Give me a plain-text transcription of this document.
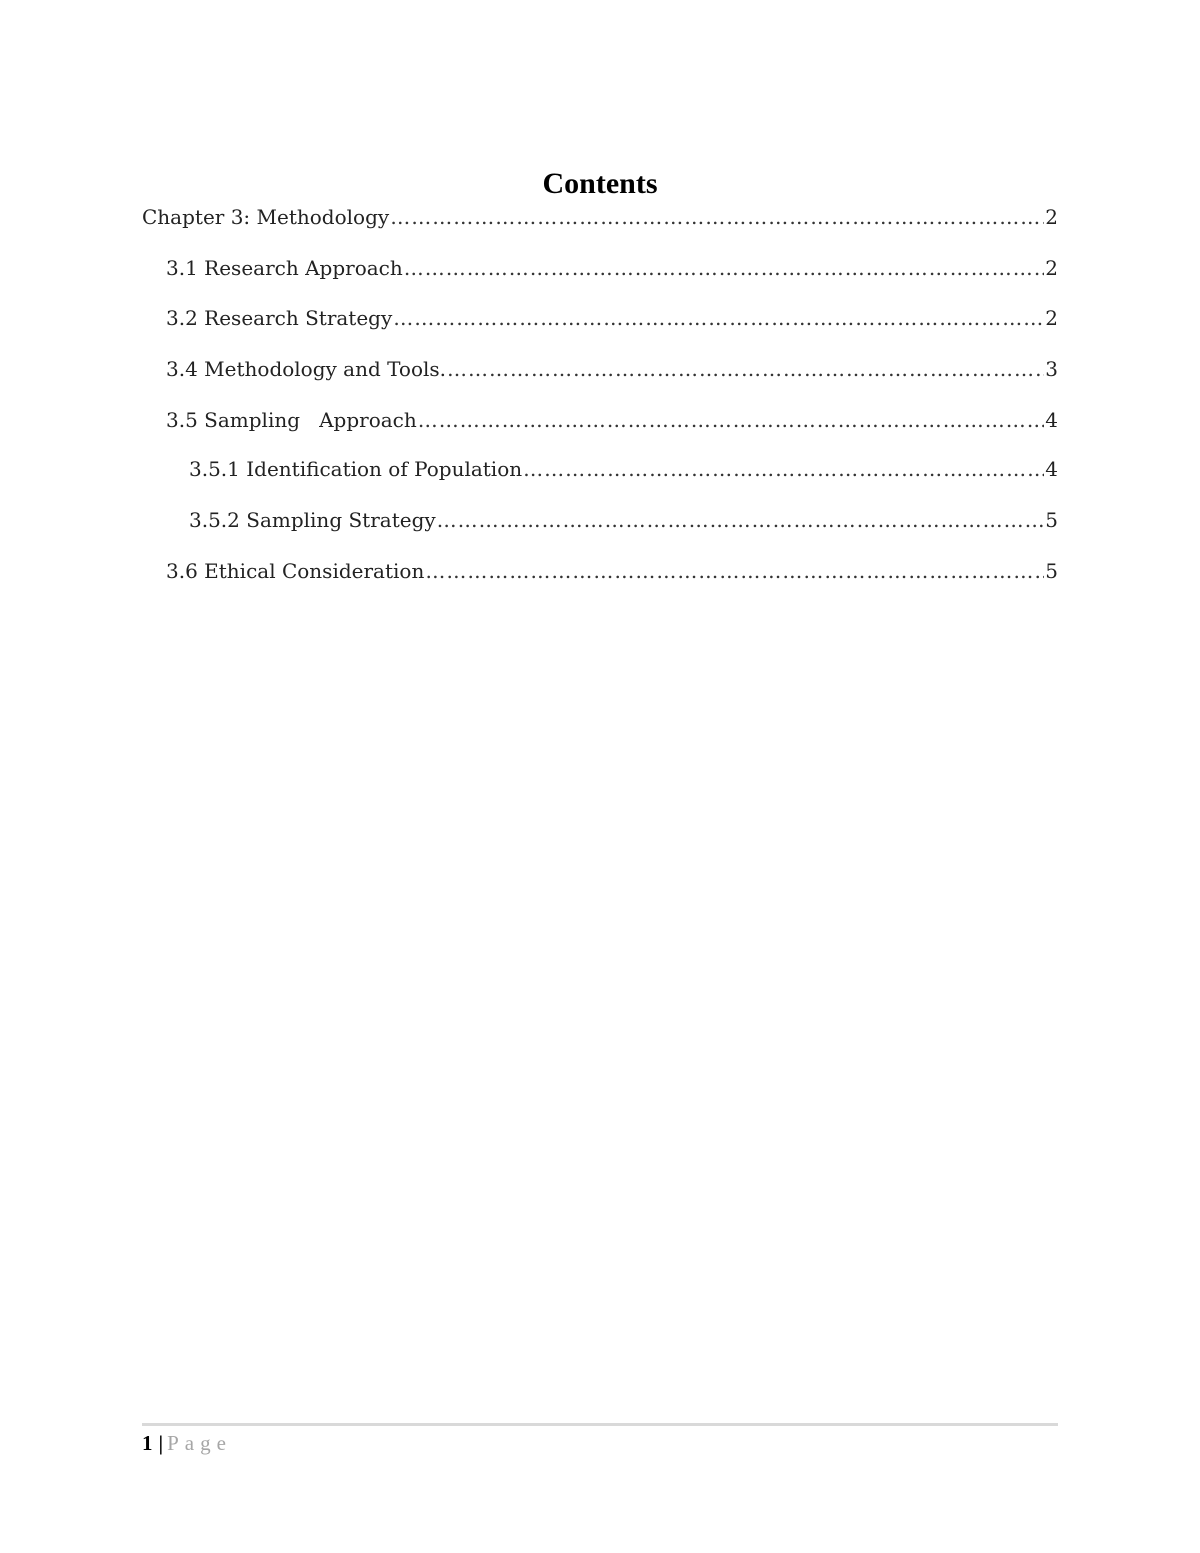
Contents
Chapter 3: Methodology ………………………………………………………………………………………………………………………………………………………………………………………………………	2
3.1 Research Approach ………………………………………………………………………………………………………………………………………………………………………………………………………	2
3.2 Research Strategy ………………………………………………………………………………………………………………………………………………………………………………………………………	2
3.4 Methodology and Tools. ………………………………………………………………………………………………………………………………………………………………………………………………………	3
3.5 Sampling   Approach ………………………………………………………………………………………………………………………………………………………………………………………………………	4
3.5.1 Identification of Population ………………………………………………………………………………………………………………………………………………………………………………………………………	4
3.5.2 Sampling Strategy ………………………………………………………………………………………………………………………………………………………………………………………………………	5
3.6 Ethical Consideration ………………………………………………………………………………………………………………………………………………………………………………………………………	5
1 | Page
